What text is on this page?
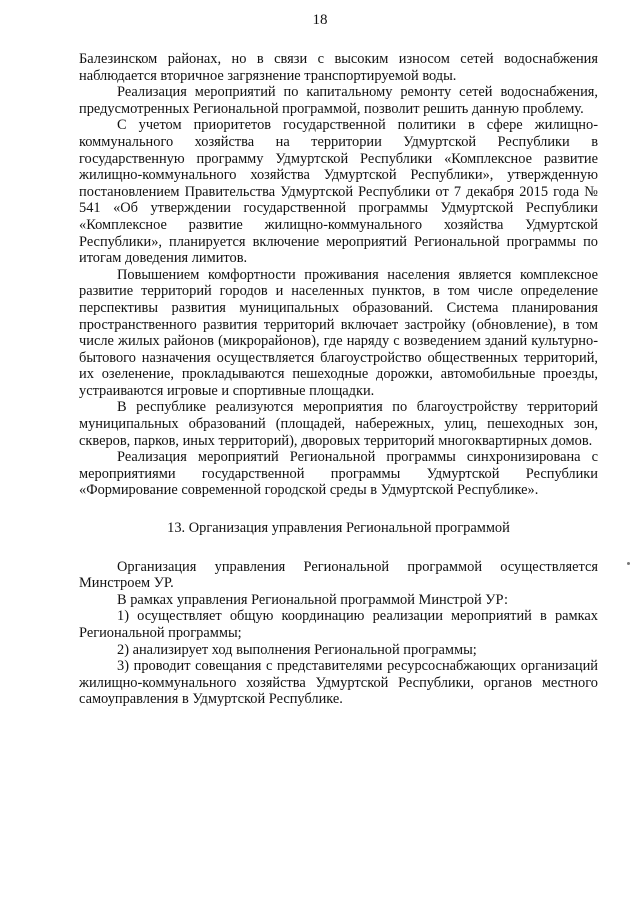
18

Балезинском районах, но в связи с высоким износом сетей водоснабжения наблюдается вторичное загрязнение транспортируемой воды.

Реализация мероприятий по капитальному ремонту сетей водоснабжения, предусмотренных Региональной программой, позволит решить данную проблему.

С учетом приоритетов государственной политики в сфере жилищно-коммунального хозяйства на территории Удмуртской Республики в государственную программу Удмуртской Республики «Комплексное развитие жилищно-коммунального хозяйства Удмуртской Республики», утвержденную постановлением Правительства Удмуртской Республики от 7 декабря 2015 года № 541 «Об утверждении государственной программы Удмуртской Республики «Комплексное развитие жилищно-коммунального хозяйства Удмуртской Республики», планируется включение мероприятий Региональной программы по итогам доведения лимитов.

Повышением комфортности проживания населения является комплексное развитие территорий городов и населенных пунктов, в том числе определение перспективы развития муниципальных образований. Система планирования пространственного развития территорий включает застройку (обновление), в том числе жилых районов (микрорайонов), где наряду с возведением зданий культурно-бытового назначения осуществляется благоустройство общественных территорий, их озеленение, прокладываются пешеходные дорожки, автомобильные проезды, устраиваются игровые и спортивные площадки.

В республике реализуются мероприятия по благоустройству территорий муниципальных образований (площадей, набережных, улиц, пешеходных зон, скверов, парков, иных территорий), дворовых территорий многоквартирных домов.

Реализация мероприятий Региональной программы синхронизирована с мероприятиями государственной программы Удмуртской Республики «Формирование современной городской среды в Удмуртской Республике».

13. Организация управления Региональной программой

Организация управления Региональной программой осуществляется Минстроем УР.

В рамках управления Региональной программой Минстрой УР:

1) осуществляет общую координацию реализации мероприятий в рамках Региональной программы;

2) анализирует ход выполнения Региональной программы;

3) проводит совещания с представителями ресурсоснабжающих организаций жилищно-коммунального хозяйства Удмуртской Республики, органов местного самоуправления в Удмуртской Республике.
